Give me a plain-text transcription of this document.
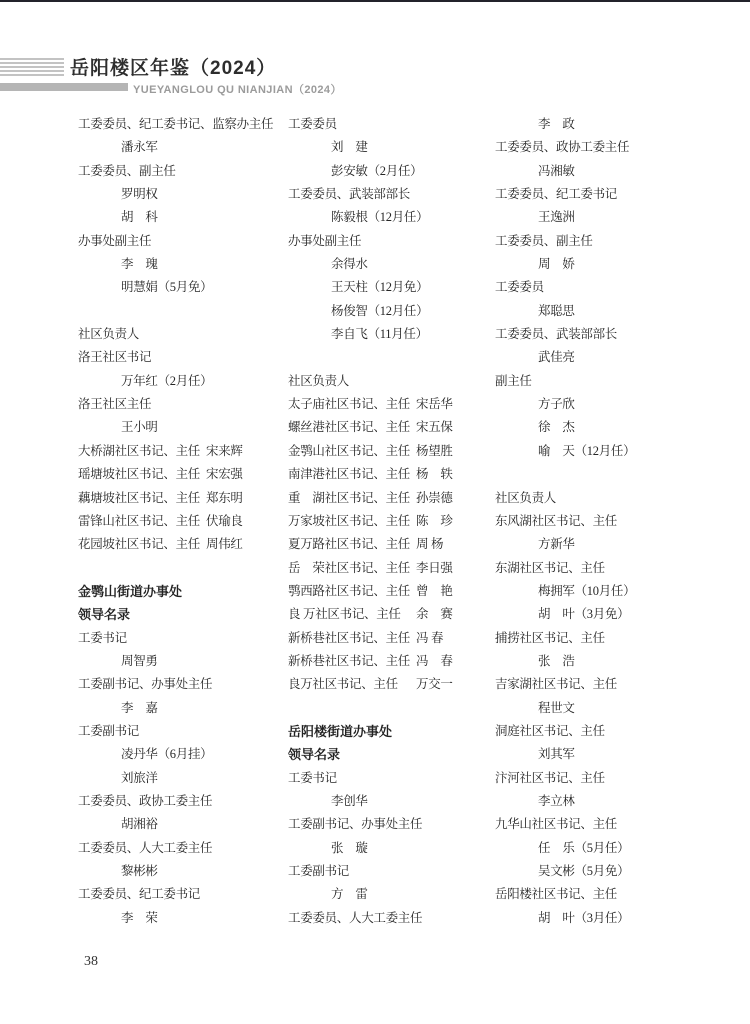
岳阳楼区年鉴（2024）
YUEYANGLOU QU NIANJIAN（2024）
工委委员、纪工委书记、监察办主任
潘永军
工委委员、副主任
罗明权
胡　科
办事处副主任
李　瑰
明慧娟（5月免）
社区负责人
洛王社区书记
万年红（2月任）
洛王社区主任
王小明
大桥湖社区书记、主任 宋来辉
瑶塘坡社区书记、主任 宋宏强
藕塘坡社区书记、主任 郑东明
雷锋山社区书记、主任 伏瑜良
花园坡社区书记、主任 周伟红
金鹗山街道办事处
领导名录
工委书记
周智勇
工委副书记、办事处主任
李　嘉
工委副书记
凌丹华（6月挂）
刘旅洋
工委委员、政协工委主任
胡湘裕
工委委员、人大工委主任
黎彬彬
工委委员、纪工委书记
李　荣
工委委员
刘　建
彭安敏（2月任）
工委委员、武装部部长
陈毅根（12月任）
办事处副主任
余得水
王天柱（12月免）
杨俊智（12月任）
李自飞（11月任）
社区负责人
太子庙社区书记、主任 宋岳华
螺丝港社区书记、主任 宋五保
金鹗山社区书记、主任 杨望胜
南津港社区书记、主任 杨　轶
重　湖社区书记、主任 孙崇德
万家坡社区书记、主任 陈　珍
夏万路社区书记、主任 周 杨
岳　荣社区书记、主任 李日强
鹗西路社区书记、主任 曾　艳
良 万社区书记、主任	余　赛
新桥巷社区书记、主任 冯 春
新桥巷社区书记、主任 冯　春
良万社区书记、主任	万交一
岳阳楼街道办事处
领导名录
工委书记
李创华
工委副书记、办事处主任
张　璇
工委副书记
方　雷
工委委员、人大工委主任
李　政
工委委员、政协工委主任
冯湘敏
工委委员、纪工委书记
王逸洲
工委委员、副主任
周　娇
工委委员
郑聪思
工委委员、武装部部长
武佳亮
副主任
方子欣
徐　杰
喻　天（12月任）
社区负责人
东风湖社区书记、主任
方新华
东湖社区书记、主任
梅拥军（10月任）
胡　叶（3月免）
捕捞社区书记、主任
张　浩
吉家湖社区书记、主任
程世文
洞庭社区书记、主任
刘其军
汴河社区书记、主任
李立林
九华山社区书记、主任
任　乐（5月任）
吴文彬（5月免）
岳阳楼社区书记、主任
胡　叶（3月任）
38
